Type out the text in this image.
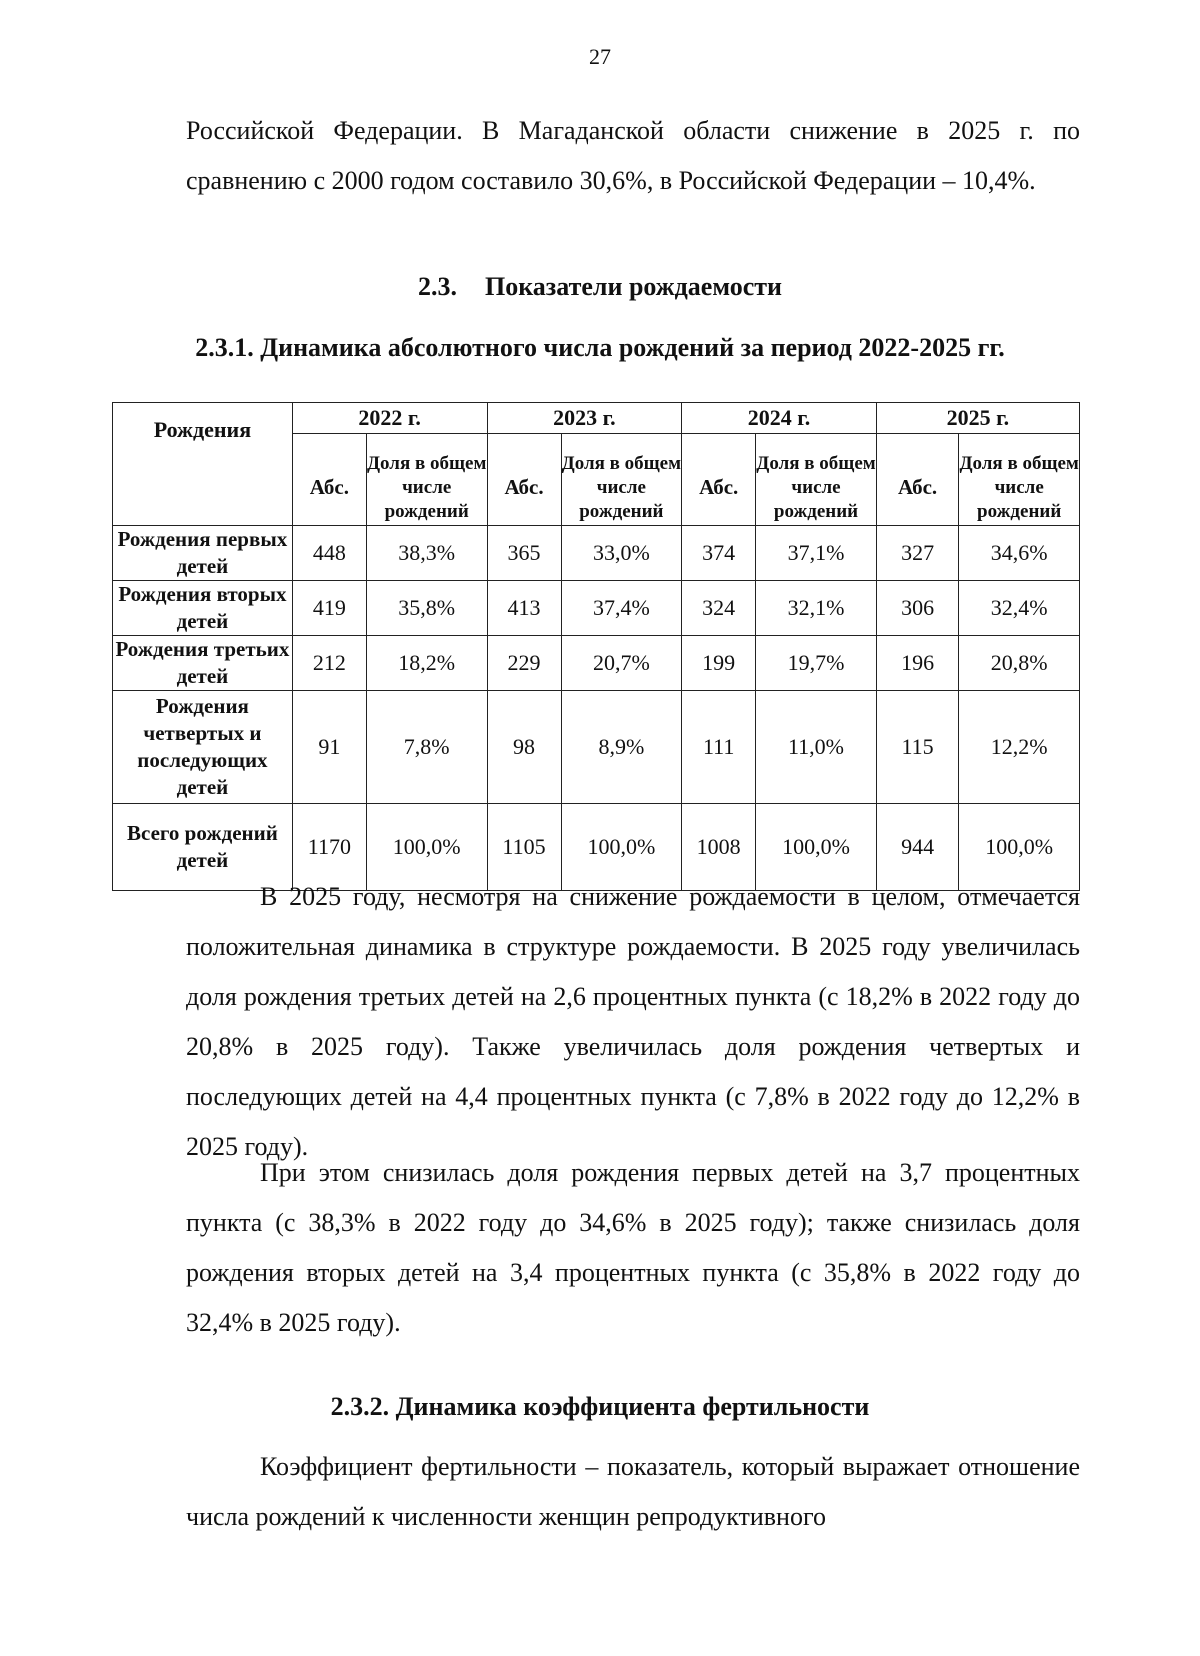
27

Российской Федерации. В Магаданской области снижение в 2025 г. по сравнению с 2000 годом составило 30,6%, в Российской Федерации – 10,4%.

2.3. Показатели рождаемости
2.3.1. Динамика абсолютного числа рождений за период 2022-2025 гг.
Рождения	2022 г.		2023 г.		2024 г.		2025 г.	
	Абс.	Доля в общем числе рождений	Абс.	Доля в общем числе рождений	Абс.	Доля в общем числе рождений	Абс.	Доля в общем числе рождений
Рождения первых детей	448	38,3%	365	33,0%	374	37,1%	327	34,6%
Рождения вторых детей	419	35,8%	413	37,4%	324	32,1%	306	32,4%
Рождения третьих детей	212	18,2%	229	20,7%	199	19,7%	196	20,8%
Рождения четвертых и последующих детей	91	7,8%	98	8,9%	111	11,0%	115	12,2%
Всего рождений детей	1170	100,0%	1105	100,0%	1008	100,0%	944	100,0%

В 2025 году, несмотря на снижение рождаемости в целом, отмечается положительная динамика в структуре рождаемости. В 2025 году увеличилась доля рождения третьих детей на 2,6 процентных пункта (с 18,2% в 2022 году до 20,8% в 2025 году). Также увеличилась доля рождения четвертых и последующих детей на 4,4 процентных пункта (с 7,8% в 2022 году до 12,2% в 2025 году).

При этом снизилась доля рождения первых детей на 3,7 процентных пункта (с 38,3% в 2022 году до 34,6% в 2025 году); также снизилась доля рождения вторых детей на 3,4 процентных пункта (с 35,8% в 2022 году до 32,4% в 2025 году).

2.3.2. Динамика коэффициента фертильности

Коэффициент фертильности – показатель, который выражает отношение числа рождений к численности женщин репродуктивного
